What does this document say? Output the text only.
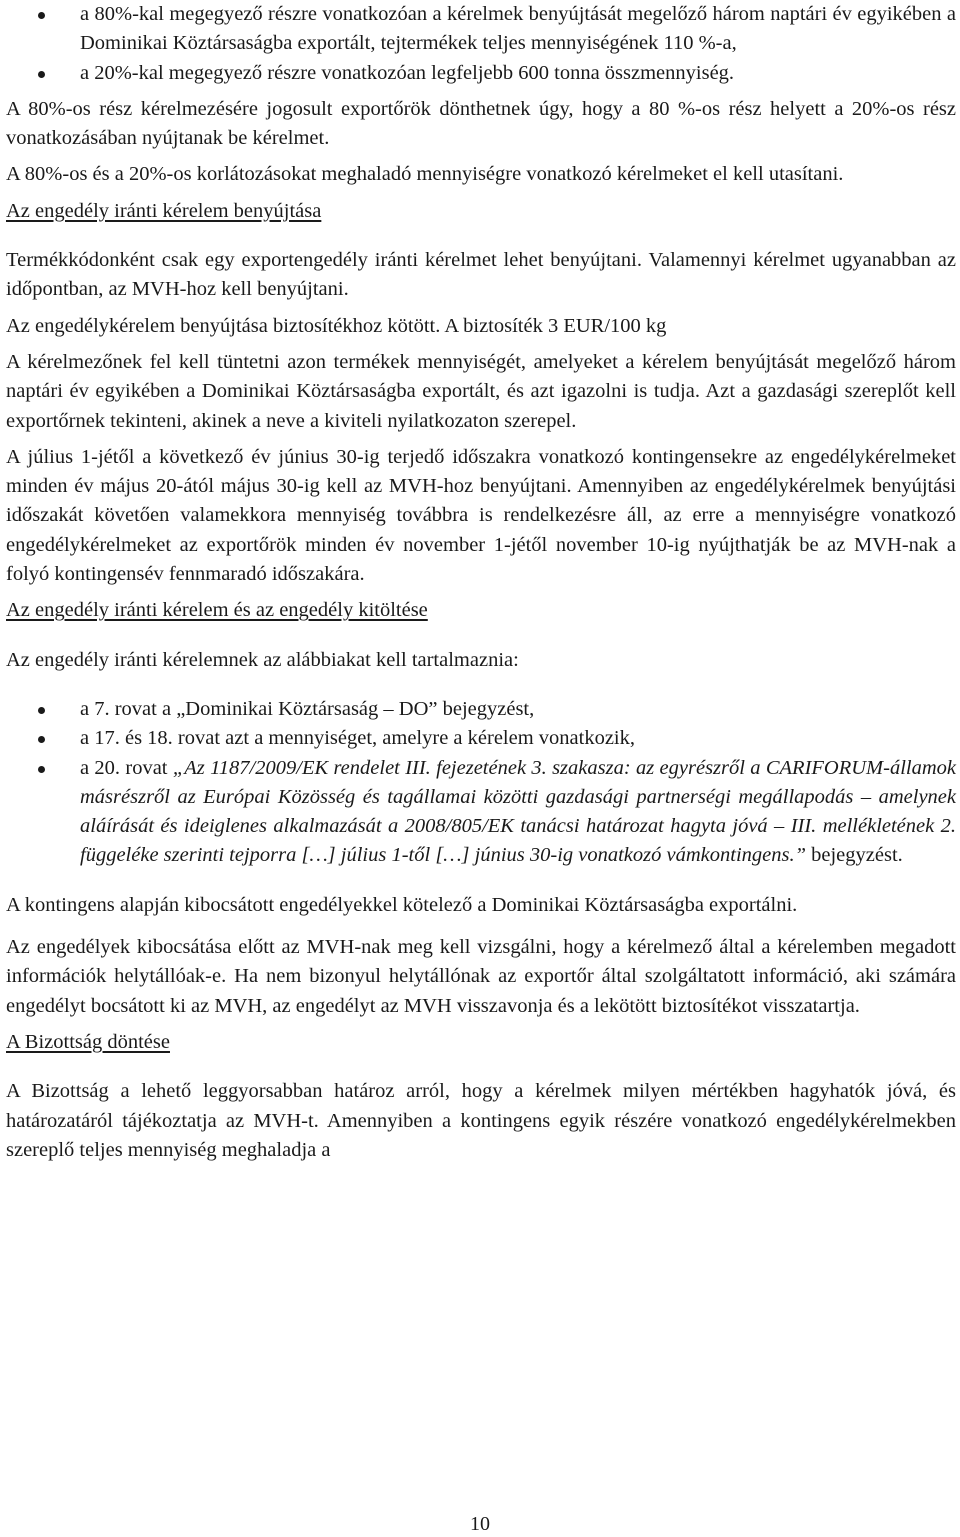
a 80%-kal megegyező részre vonatkozóan a kérelmek benyújtását megelőző három naptári év egyikében a Dominikai Köztársaságba exportált, tejtermékek teljes mennyiségének 110 %-a,
a 20%-kal megegyező részre vonatkozóan legfeljebb 600 tonna összmennyiség.

A 80%-os rész kérelmezésére jogosult exportőrök dönthetnek úgy, hogy a 80 %-os rész helyett a 20%-os rész vonatkozásában nyújtanak be kérelmet.

A 80%-os és a 20%-os korlátozásokat meghaladó mennyiségre vonatkozó kérelmeket el kell utasítani.

Az engedély iránti kérelem benyújtása

Termékkódonként csak egy exportengedély iránti kérelmet lehet benyújtani. Valamennyi kérelmet ugyanabban az időpontban, az MVH-hoz kell benyújtani.

Az engedélykérelem benyújtása biztosítékhoz kötött. A biztosíték 3 EUR/100 kg

A kérelmezőnek fel kell tüntetni azon termékek mennyiségét, amelyeket a kérelem benyújtását megelőző három naptári év egyikében a Dominikai Köztársaságba exportált, és azt igazolni is tudja. Azt a gazdasági szereplőt kell exportőrnek tekinteni, akinek a neve a kiviteli nyilatkozaton szerepel.

A július 1-jétől a következő év június 30-ig terjedő időszakra vonatkozó kontingensekre az engedélykérelmeket minden év május 20-ától május 30-ig kell az MVH-hoz benyújtani. Amennyiben az engedélykérelmek benyújtási időszakát követően valamekkora mennyiség továbbra is rendelkezésre áll, az erre a mennyiségre vonatkozó engedélykérelmeket az exportőrök minden év november 1-jétől november 10-ig nyújthatják be az MVH-nak a folyó kontingensév fennmaradó időszakára.

Az engedély iránti kérelem és az engedély kitöltése

Az engedély iránti kérelemnek az alábbiakat kell tartalmaznia:

a 7. rovat a „Dominikai Köztársaság – DO” bejegyzést,
a 17. és 18. rovat azt a mennyiséget, amelyre a kérelem vonatkozik,
a 20. rovat „Az 1187/2009/EK rendelet III. fejezetének 3. szakasza: az egyrészről a CARIFORUM-államok másrészről az Európai Közösség és tagállamai közötti gazdasági partnerségi megállapodás – amelynek aláírását és ideiglenes alkalmazását a 2008/805/EK tanácsi határozat hagyta jóvá – III. mellékletének 2. függeléke szerinti tejporra […] július 1-től […] június 30-ig vonatkozó vámkontingens.” bejegyzést.

A kontingens alapján kibocsátott engedélyekkel kötelező a Dominikai Köztársaságba exportálni.

Az engedélyek kibocsátása előtt az MVH-nak meg kell vizsgálni, hogy a kérelmező által a kérelemben megadott információk helytállóak-e. Ha nem bizonyul helytállónak az exportőr által szolgáltatott információ, aki számára engedélyt bocsátott ki az MVH, az engedélyt az MVH visszavonja és a lekötött biztosítékot visszatartja.

A Bizottság döntése

A Bizottság a lehető leggyorsabban határoz arról, hogy a kérelmek milyen mértékben hagyhatók jóvá, és határozatáról tájékoztatja az MVH-t. Amennyiben a kontingens egyik részére vonatkozó engedélykérelmekben szereplő teljes mennyiség meghaladja a

10
